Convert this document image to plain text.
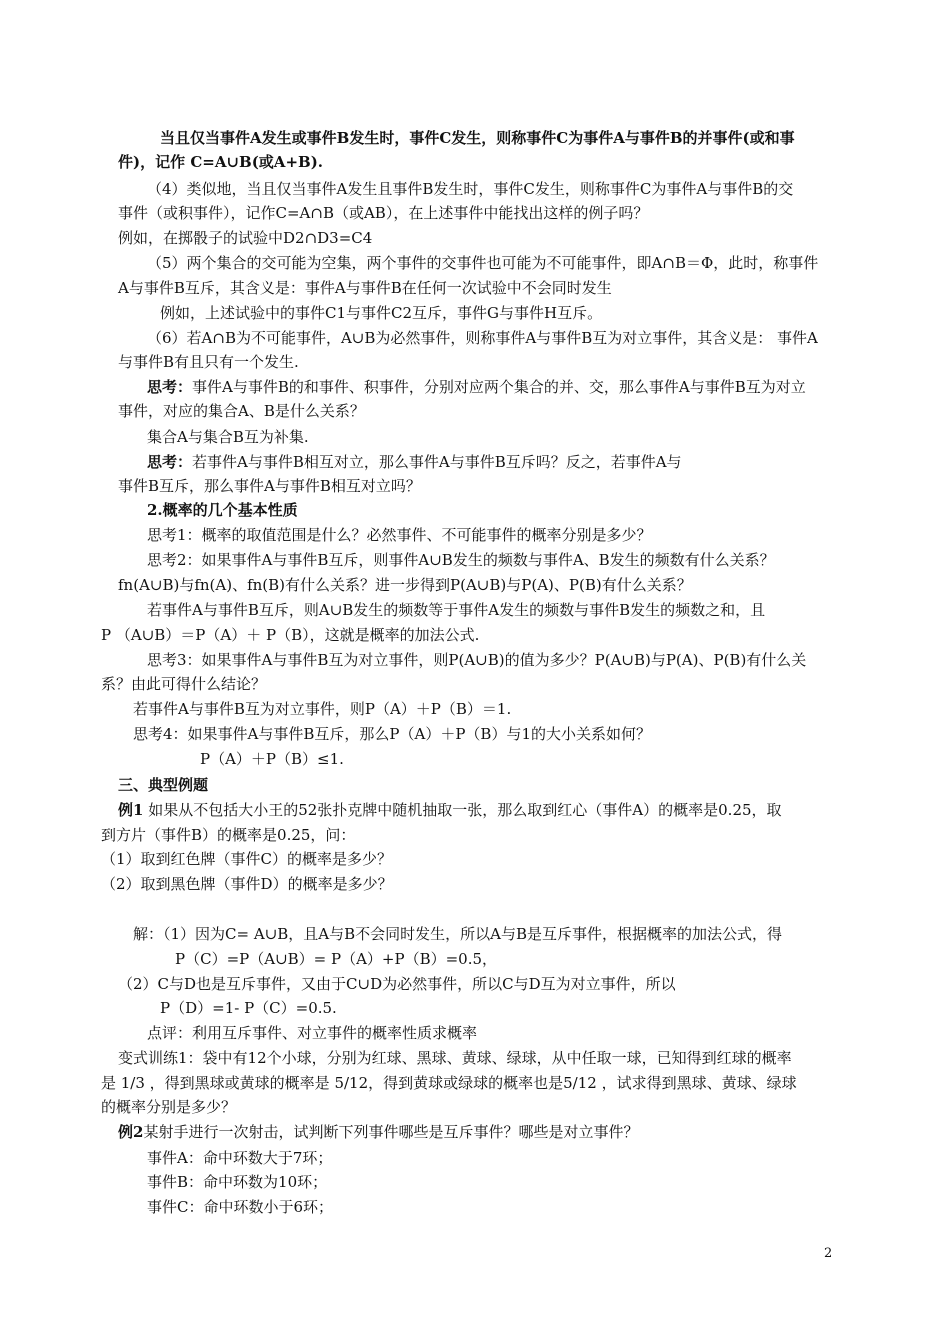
当且仅当事件A发生或事件B发生时，事件C发生，则称事件C为事件A与事件B的并事件(或和事
件)，记作 C=A∪B(或A+B).
（4）类似地，当且仅当事件A发生且事件B发生时，事件C发生，则称事件C为事件A与事件B的交
事件（或积事件），记作C=A∩B（或AB），在上述事件中能找出这样的例子吗？
例如，在掷骰子的试验中D2∩D3=C4
（5）两个集合的交可能为空集，两个事件的交事件也可能为不可能事件，即A∩B＝Φ，此时，称事件
A与事件B互斥，其含义是：事件A与事件B在任何一次试验中不会同时发生
例如，上述试验中的事件C1与事件C2互斥，事件G与事件H互斥。
（6）若A∩B为不可能事件，A∪B为必然事件，则称事件A与事件B互为对立事件，其含义是： 事件A
与事件B有且只有一个发生.
思考：事件A与事件B的和事件、积事件，分别对应两个集合的并、交，那么事件A与事件B互为对立
事件，对应的集合A、B是什么关系？
集合A与集合B互为补集.
思考：若事件A与事件B相互对立，那么事件A与事件B互斥吗？反之，若事件A与
事件B互斥，那么事件A与事件B相互对立吗？
2.概率的几个基本性质
思考1：概率的取值范围是什么？必然事件、不可能事件的概率分别是多少？
思考2：如果事件A与事件B互斥，则事件A∪B发生的频数与事件A、B发生的频数有什么关系？
fn(A∪B)与fn(A)、fn(B)有什么关系？进一步得到P(A∪B)与P(A)、P(B)有什么关系？
若事件A与事件B互斥，则A∪B发生的频数等于事件A发生的频数与事件B发生的频数之和，且
P （A∪B）＝P（A）＋ P（B），这就是概率的加法公式.
思考3：如果事件A与事件B互为对立事件，则P(A∪B)的值为多少？P(A∪B)与P(A)、P(B)有什么关
系？由此可得什么结论？
若事件A与事件B互为对立事件，则P（A）＋P（B）＝1.
思考4：如果事件A与事件B互斥，那么P（A）＋P（B）与1的大小关系如何？
P（A）＋P（B）≤1.
三、典型例题
例1 如果从不包括大小王的52张扑克牌中随机抽取一张，那么取到红心（事件A）的概率是0.25，取
到方片（事件B）的概率是0.25，问：
（1）取到红色牌（事件C）的概率是多少？
（2）取到黑色牌（事件D）的概率是多少？
解：（1）因为C= A∪B，且A与B不会同时发生，所以A与B是互斥事件，根据概率的加法公式，得
P（C）=P（A∪B）= P（A）+P（B）=0.5，
（2）C与D也是互斥事件，又由于C∪D为必然事件，所以C与D互为对立事件，所以
P（D）=1- P（C）=0.5.
点评：利用互斥事件、对立事件的概率性质求概率
变式训练1：袋中有12个小球，分别为红球、黑球、黄球、绿球，从中任取一球，已知得到红球的概率
是 1/3 ，得到黑球或黄球的概率是 5/12，得到黄球或绿球的概率也是5/12 ，试求得到黑球、黄球、绿球
的概率分别是多少？
例2某射手进行一次射击，试判断下列事件哪些是互斥事件？哪些是对立事件？
事件A：命中环数大于7环；
事件B：命中环数为10环；
事件C：命中环数小于6环；
2
